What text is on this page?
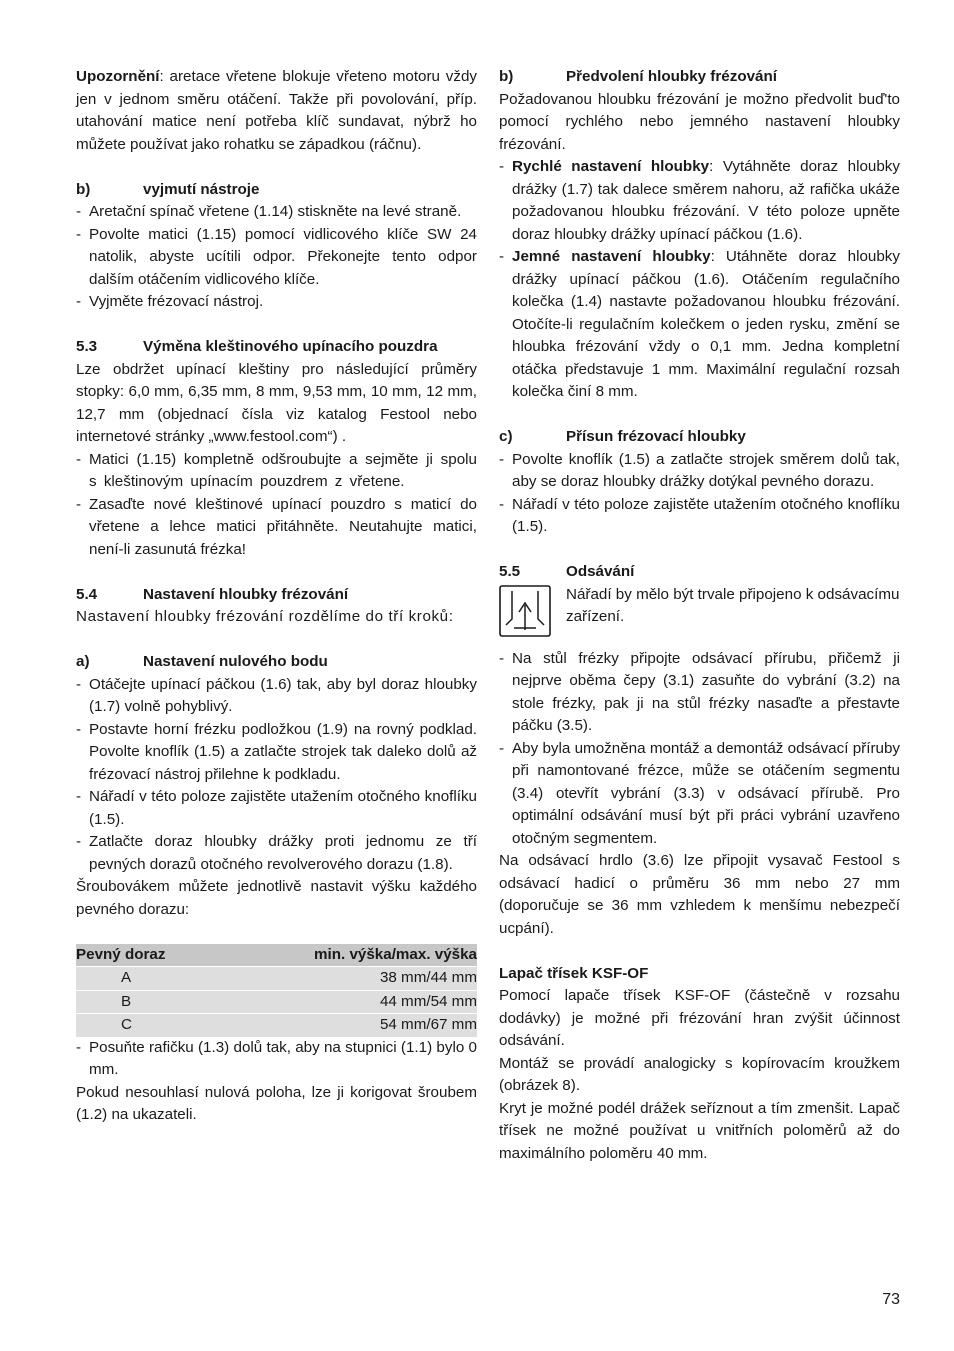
Upozornění: aretace vřetene blokuje vřeteno motoru vždy jen v jednom směru otáčení. Takže při povolování, příp. utahování matice není potřeba klíč sundavat, nýbrž ho můžete používat jako rohatku se západkou (ráčnu).

b)	vyjmutí nástroje
- Aretační spínač vřetene (1.14) stiskněte na levé straně.
- Povolte matici (1.15) pomocí vidlicového klíče SW 24 natolik, abyste ucítili odpor. Překonejte tento odpor dalším otáčením vidlicového klíče.
- Vyjměte frézovací nástroj.
5.3	Výměna kleštinového upínacího pouzdra

Lze obdržet upínací kleštiny pro následující průměry stopky: 6,0 mm, 6,35 mm, 8 mm, 9,53 mm, 10 mm, 12 mm, 12,7 mm (objednací čísla viz katalog Festool nebo internetové stránky „www.festool.com“) .

- Matici (1.15) kompletně odšroubujte a sejměte ji spolu s kleštinovým upínacím pouzdrem z vřetene.
- Zasaďte nové kleštinové upínací pouzdro s maticí do vřetene a lehce matici přitáhněte. Neutahujte matici, není-li zasunutá frézka!
5.4	Nastavení hloubky frézování

Nastavení hloubky frézování rozdělíme do tří kroků:

a)	Nastavení nulového bodu
- Otáčejte upínací páčkou (1.6) tak, aby byl doraz hloubky (1.7) volně pohyblivý.
- Postavte horní frézku podložkou (1.9) na rovný podklad. Povolte knoflík (1.5) a zatlačte strojek tak daleko dolů až frézovací nástroj přilehne k podkladu.
- Nářadí v této poloze zajistěte utažením otočného knoflíku (1.5).
- Zatlačte doraz hloubky drážky proti jednomu ze tří pevných dorazů otočného revolverového dorazu (1.8).

Šroubovákem můžete jednotlivě nastavit výšku každého pevného dorazu:

Pevný doraz	min. výška/max. výška
A	38 mm/44 mm
B	44 mm/54 mm
C	54 mm/67 mm
- Posuňte rafičku (1.3) dolů tak, aby na stupnici (1.1) bylo 0 mm.

Pokud nesouhlasí nulová poloha, lze ji korigovat šroubem (1.2) na ukazateli.

b)	Předvolení hloubky frézování

Požadovanou hloubku frézování je možno předvolit buď'to pomocí rychlého nebo jemného nastavení hloubky frézování.

- Rychlé nastavení hloubky: Vytáhněte doraz hloubky drážky (1.7) tak dalece směrem nahoru, až rafička ukáže požadovanou hloubku frézování. V této poloze upněte doraz hloubky drážky upínací páčkou (1.6).
- Jemné nastavení hloubky: Utáhněte doraz hloubky drážky upínací páčkou (1.6). Otáčením regulačního kolečka (1.4) nastavte požadovanou hloubku frézování. Otočíte-li regulačním kolečkem o jeden rysku, změní se hloubka frézování vždy o 0,1 mm. Jedna kompletní otáčka představuje 1 mm. Maximální regulační rozsah kolečka činí 8 mm.
c)	Přísun frézovací hloubky
- Povolte knoflík (1.5) a zatlačte strojek směrem dolů tak, aby se doraz hloubky drážky dotýkal pevného dorazu.
- Nářadí v této poloze zajistěte utažením otočného knoflíku (1.5).
5.5	Odsávání

Nářadí by mělo být trvale připojeno k odsávacímu zařízení.

- Na stůl frézky připojte odsávací přírubu, přičemž ji nejprve oběma čepy (3.1) zasuňte do vybrání (3.2) na stole frézky, pak ji na stůl frézky nasaďte a přestavte páčku (3.5).
- Aby byla umožněna montáž a demontáž odsávací příruby při namontované frézce, může se otáčením segmentu (3.4) otevřít vybrání (3.3) v odsávací přírubě. Pro optimální odsávání musí být při práci vybrání uzavřeno otočným segmentem.

Na odsávací hrdlo (3.6) lze připojit vysavač Festool s odsávací hadicí o průměru 36 mm nebo 27 mm (doporučuje se 36 mm vzhledem k menšímu nebezpečí ucpání).

Lapač třísek KSF-OF

Pomocí lapače třísek KSF-OF (částečně v rozsahu dodávky) je možné při frézování hran zvýšit účinnost odsávání.

Montáž se provádí analogicky s kopírovacím kroužkem (obrázek 8).

Kryt je možné podél drážek seříznout a tím zmenšit. Lapač třísek ne možné používat u vnitřních poloměrů až do maximálního poloměru 40 mm.

73
